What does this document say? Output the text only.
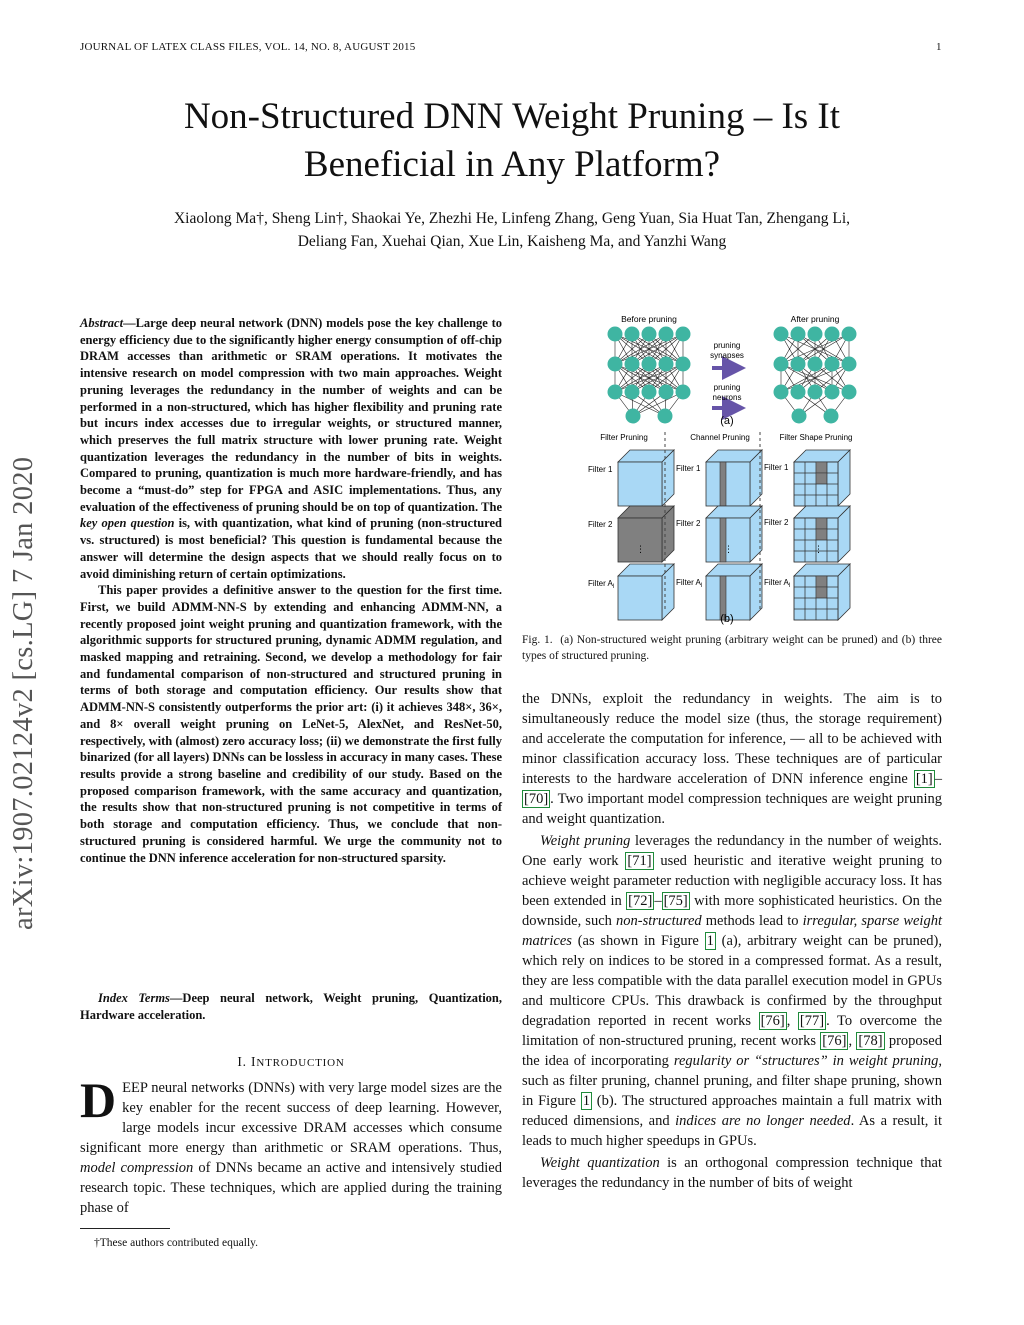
JOURNAL OF LATEX CLASS FILES, VOL. 14, NO. 8, AUGUST 2015	1
Non-Structured DNN Weight Pruning – Is It
Beneficial in Any Platform?
Xiaolong Ma†, Sheng Lin†, Shaokai Ye, Zhezhi He, Linfeng Zhang, Geng Yuan, Sia Huat Tan, Zhengang Li,
Deliang Fan, Xuehai Qian, Xue Lin, Kaisheng Ma, and Yanzhi Wang
arXiv:1907.02124v2 [cs.LG] 7 Jan 2020

Abstract—Large deep neural network (DNN) models pose the key challenge to energy efficiency due to the significantly higher energy consumption of off-chip DRAM accesses than arithmetic or SRAM operations. It motivates the intensive research on model compression with two main approaches. Weight pruning leverages the redundancy in the number of weights and can be performed in a non-structured, which has higher flexibility and pruning rate but incurs index accesses due to irregular weights, or structured manner, which preserves the full matrix structure with lower pruning rate. Weight quantization leverages the redundancy in the number of bits in weights. Compared to pruning, quantization is much more hardware-friendly, and has become a “must-do” step for FPGA and ASIC implementations. Thus, any evaluation of the effectiveness of pruning should be on top of quantization. The key open question is, with quantization, what kind of pruning (non-structured vs. structured) is most beneficial? This question is fundamental because the answer will determine the design aspects that we should really focus on to avoid diminishing return of certain optimizations.

This paper provides a definitive answer to the question for the first time. First, we build ADMM-NN-S by extending and enhancing ADMM-NN, a recently proposed joint weight pruning and quantization framework, with the algorithmic supports for structured pruning, dynamic ADMM regulation, and masked mapping and retraining. Second, we develop a methodology for fair and fundamental comparison of non-structured and structured pruning in terms of both storage and computation efficiency. Our results show that ADMM-NN-S consistently outperforms the prior art: (i) it achieves 348×, 36×, and 8× overall weight pruning on LeNet-5, AlexNet, and ResNet-50, respectively, with (almost) zero accuracy loss; (ii) we demonstrate the first fully binarized (for all layers) DNNs can be lossless in accuracy in many cases. These results provide a strong baseline and credibility of our study. Based on the proposed comparison framework, with the same accuracy and quantization, the results show that non-structured pruning is not competitive in terms of both storage and computation efficiency. Thus, we conclude that non-structured pruning is considered harmful. We urge the community not to continue the DNN inference acceleration for non-structured sparsity.

Index Terms—Deep neural network, Weight pruning, Quantization, Hardware acceleration.
I. INTRODUCTION
DEEP neural networks (DNNs) with very large model sizes are the key enabler for the recent success of deep learning. However, large models incur excessive DRAM accesses which consume significant more energy than arithmetic or SRAM operations. Thus, model compression of DNNs became an active and intensively studied research topic. These techniques, which are applied during the training phase of
†These authors contributed equally.
Before pruning	After pruning
pruning
synapses
pruning
neurons
(a)
Filter Pruning	Channel Pruning	Filter Shape Pruning
Filter 1	Filter 1	Filter 1
Filter 2	Filter 2	Filter 2
Filter $A_l$	Filter $A_l$	Filter $A_l$
⋮	⋮	⋮
(b)
Fig. 1. (a) Non-structured weight pruning (arbitrary weight can be pruned) and (b) three types of structured pruning.

the DNNs, exploit the redundancy in weights. The aim is to simultaneously reduce the model size (thus, the storage requirement) and accelerate the computation for inference, — all to be achieved with minor classification accuracy loss. These techniques are of particular interests to the hardware acceleration of DNN inference engine [1] –[70] . Two important model compression techniques are weight pruning and weight quantization.

Weight pruning leverages the redundancy in the number of weights. One early work [71] used heuristic and iterative weight pruning to achieve weight parameter reduction with negligible accuracy loss. It has been extended in [72] – [75] with more sophisticated heuristics. On the downside, such non-structured methods lead to irregular, sparse weight matrices (as shown in Figure 1 (a), arbitrary weight can be pruned), which rely on indices to be stored in a compressed format. As a result, they are less compatible with the data parallel execution model in GPUs and multicore CPUs. This drawback is confirmed by the throughput degradation reported in recent works [76] , [77] . To overcome the limitation of non-structured pruning, recent works [76] , [78] proposed the idea of incorporating regularity or “structures” in weight pruning, such as filter pruning, channel pruning, and filter shape pruning, shown in Figure 1 (b). The structured approaches maintain a full matrix with reduced dimensions, and indices are no longer needed. As a result, it leads to much higher speedups in GPUs.

Weight quantization is an orthogonal compression technique that leverages the redundancy in the number of bits of weight
